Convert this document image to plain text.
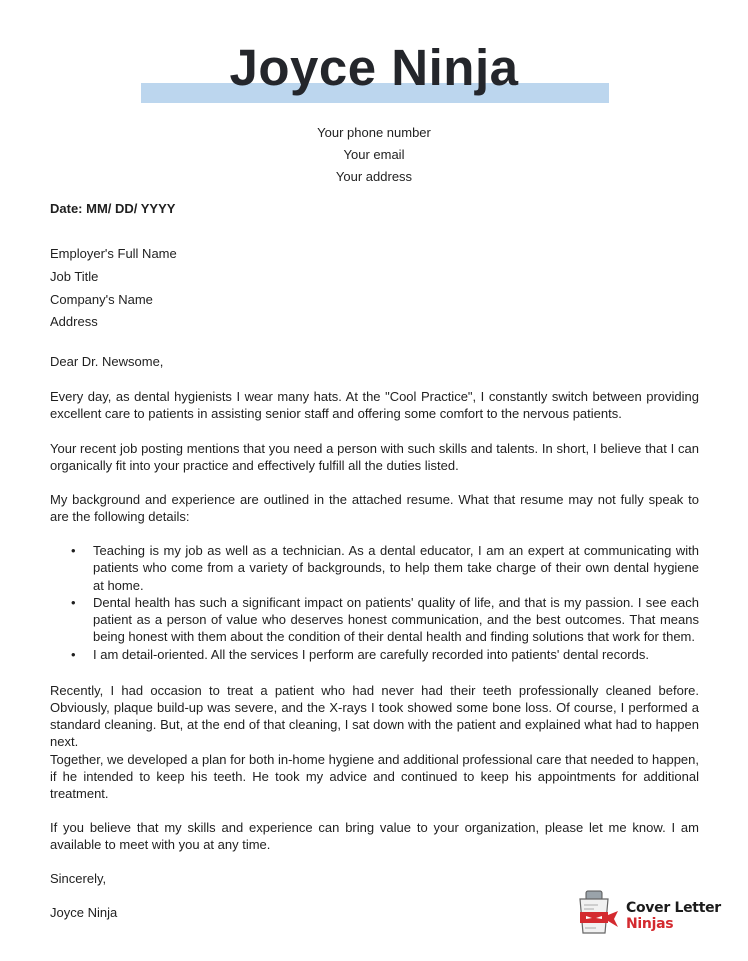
Joyce Ninja
Your phone number
Your email
Your address
Date: MM/ DD/ YYYY
Employer's Full Name
Job Title
Company's Name
Address
Dear Dr. Newsome,
Every day, as dental hygienists I wear many hats. At the "Cool Practice", I constantly switch between providing excellent care to patients in assisting senior staff and offering some comfort to the nervous patients.
Your recent job posting mentions that you need a person with such skills and talents. In short, I believe that I can organically fit into your practice and effectively fulfill all the duties listed.
My background and experience are outlined in the attached resume. What that resume may not fully speak to are the following details:
• Teaching is my job as well as a technician. As a dental educator, I am an expert at communicating with patients who come from a variety of backgrounds, to help them take charge of their own dental hygiene at home.
• Dental health has such a significant impact on patients' quality of life, and that is my passion. I see each patient as a person of value who deserves honest communication, and the best outcomes. That means being honest with them about the condition of their dental health and finding solutions that work for them.
• I am detail-oriented. All the services I perform are carefully recorded into patients' dental records.
Recently, I had occasion to treat a patient who had never had their teeth professionally cleaned before. Obviously, plaque build-up was severe, and the X-rays I took showed some bone loss. Of course, I performed a standard cleaning. But, at the end of that cleaning, I sat down with the patient and explained what had to happen next.
Together, we developed a plan for both in-home hygiene and additional professional care that needed to happen, if he intended to keep his teeth. He took my advice and continued to keep his appointments for additional treatment.
If you believe that my skills and experience can bring value to your organization, please let me know. I am available to meet with you at any time.
Sincerely,
Joyce Ninja	Cover Letter
Ninjas
